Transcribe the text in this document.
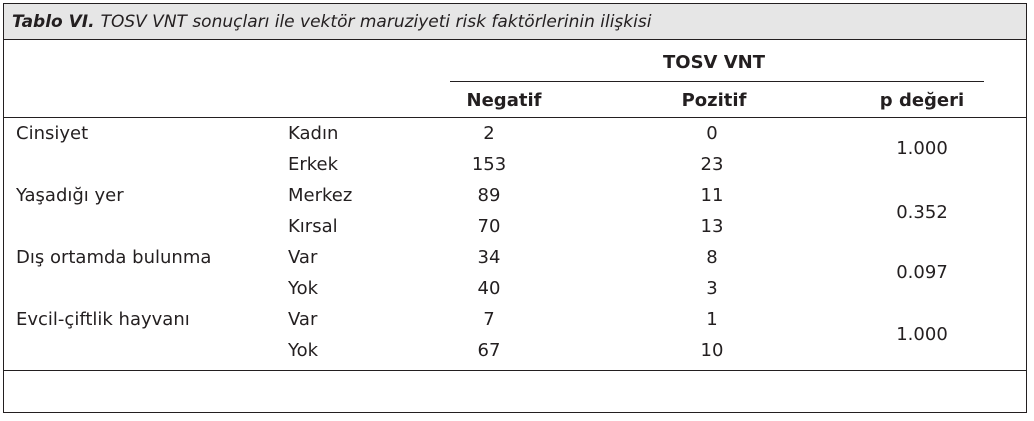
Tablo VI. TOSV VNT sonuçları ile vektör maruziyeti risk faktörlerinin ilişkisi
TOSV VNT
Negatif	Pozitif	p değeri
Cinsiyet	Kadın	2	0
Erkek	153	23
1.000
Yaşadığı yer	Merkez	89	11
Kırsal	70	13
0.352
Dış ortamda bulunma	Var	34	8
Yok	40	3
0.097
Evcil-çiftlik hayvanı	Var	7	1
Yok	67	10
1.000
